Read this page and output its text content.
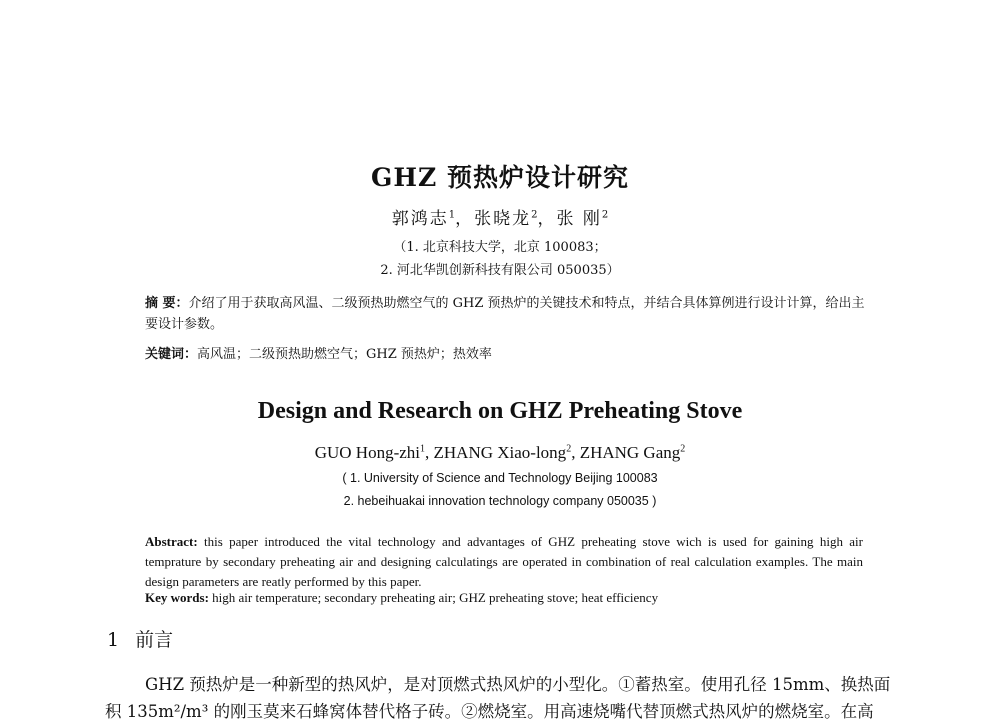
GHZ 预热炉设计研究
郭鸿志$^1$，张晓龙$^2$，张 刚$^2$
（1. 北京科技大学，北京 100083；
2. 河北华凯创新科技有限公司 050035）
摘 要：介绍了用于获取高风温、二级预热助燃空气的 GHZ 预热炉的关键技术和特点，并结合具体算例进行设计计算，给出主要设计参数。
关键词：高风温；二级预热助燃空气；GHZ 预热炉；热效率
Design and Research on GHZ Preheating Stove
GUO Hong-zhi$^1$, ZHANG Xiao-long$^2$, ZHANG Gang$^2$
( 1. University of Science and Technology Beijing 100083
2. hebeihuakai innovation technology company 050035 )
Abstract: this paper introduced the vital technology and advantages of GHZ preheating stove wich is used for gaining high air temprature by secondary preheating air and designing calculatings are operated in combination of real calculation examples. The main design parameters are reatly performed by this paper.
Key words: high air temperature; secondary preheating air; GHZ preheating stove; heat efficiency
1 前言
GHZ 预热炉是一种新型的热风炉，是对顶燃式热风炉的小型化。①蓄热室。使用孔径 15mm、换热面积 135m²/m³ 的刚玉莫来石蜂窝体替代格子砖。②燃烧室。用高速烧嘴代替顶燃式热风炉的燃烧室。在高
